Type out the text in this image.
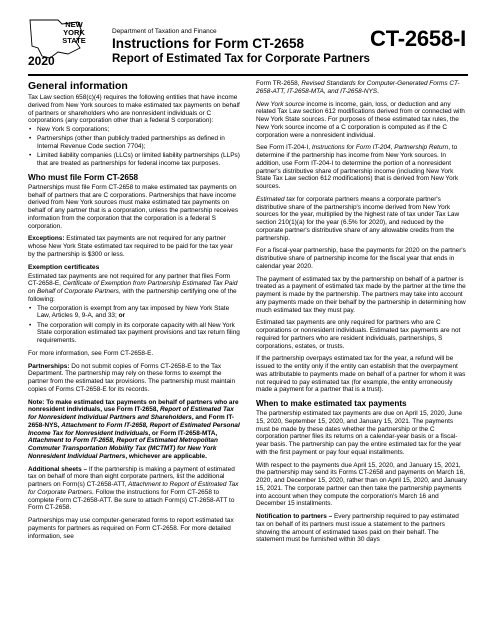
NEW
YORK
STATE
2020
Department of Taxation and Finance
Instructions for Form CT-2658
Report of Estimated Tax for Corporate Partners
CT-2658-I
General information

Tax Law section 658(c)(4) requires the following entities that have income derived from New York sources to make estimated tax payments on behalf of partners or shareholders who are nonresident individuals or C corporations (any corporation other than a federal S corporation):

• New York S corporations;
• Partnerships (other than publicly traded partnerships as defined in Internal Revenue Code section 7704);
• Limited liability companies (LLCs) or limited liability partnerships (LLPs) that are treated as partnerships for federal income tax purposes.
Who must file Form CT-2658

Partnerships must file Form CT-2658 to make estimated tax payments on behalf of partners that are C corporations. Partnerships that have income derived from New York sources must make estimated tax payments on behalf of any partner that is a corporation, unless the partnership receives information from the corporation that the corporation is a federal S corporation.

Exceptions: Estimated tax payments are not required for any partner whose New York State estimated tax required to be paid for the tax year by the partnership is $300 or less.

Exemption certificates

Estimated tax payments are not required for any partner that files Form CT-2658-E, Certificate of Exemption from Partnership Estimated Tax Paid on Behalf of Corporate Partners, with the partnership certifying one of the following:

• The corporation is exempt from any tax imposed by New York State Law, Articles 9, 9-A, and 33; or
• The corporation will comply in its corporate capacity with all New York State corporation estimated tax payment provisions and tax return filing requirements.

For more information, see Form CT-2658-E.

Partnerships: Do not submit copies of Forms CT-2658-E to the Tax Department. The partnership may rely on these forms to exempt the partner from the estimated tax provisions. The partnership must maintain copies of Forms CT-2658-E for its records.

Note: To make estimated tax payments on behalf of partners who are nonresident individuals, use Form IT-2658, Report of Estimated Tax for Nonresident Individual Partners and Shareholders, and Form IT-2658-NYS, Attachment to Form IT-2658, Report of Estimated Personal Income Tax for Nonresident Individuals, or Form IT-2658-MTA, Attachment to Form IT-2658, Report of Estimated Metropolitan Commuter Transportation Mobility Tax (MCTMT) for New York Nonresident Individual Partners, whichever are applicable.

Additional sheets – If the partnership is making a payment of estimated tax on behalf of more than eight corporate partners, list the additional partners on Form(s) CT-2658-ATT, Attachment to Report of Estimated Tax for Corporate Partners. Follow the instructions for Form CT-2658 to complete Form CT-2658-ATT. Be sure to attach Form(s) CT-2658-ATT to Form CT-2658.

Partnerships may use computer-generated forms to report estimated tax payments for partners as required on Form CT-2658. For more detailed information, see

Form TR-2658, Revised Standards for Computer-Generated Forms CT-2658-ATT, IT-2658-MTA, and IT-2658-NYS.

New York source income is income, gain, loss, or deduction and any related Tax Law section 612 modifications derived from or connected with New York State sources. For purposes of these estimated tax rules, the New York source income of a C corporation is computed as if the C corporation were a nonresident individual.

See Form IT-204-I, Instructions for Form IT-204, Partnership Return, to determine if the partnership has income from New York sources. In addition, use Form IT-204-I to determine the portion of a nonresident partner's distributive share of partnership income (including New York State Tax Law section 612 modifications) that is derived from New York sources.

Estimated tax for corporate partners means a corporate partner's distributive share of the partnership's income derived from New York sources for the year, multiplied by the highest rate of tax under Tax Law section 210(1)(a) for the year (6.5% for 2020), and reduced by the corporate partner's distributive share of any allowable credits from the partnership.

For a fiscal-year partnership, base the payments for 2020 on the partner's distributive share of partnership income for the fiscal year that ends in calendar year 2020.

The payment of estimated tax by the partnership on behalf of a partner is treated as a payment of estimated tax made by the partner at the time the payment is made by the partnership. The partners may take into account any payments made on their behalf by the partnership in determining how much estimated tax they must pay.

Estimated tax payments are only required for partners who are C corporations or nonresident individuals. Estimated tax payments are not required for partners who are resident individuals, partnerships, S corporations, estates, or trusts.

If the partnership overpays estimated tax for the year, a refund will be issued to the entity only if the entity can establish that the overpayment was attributable to payments made on behalf of a partner for whom it was not required to pay estimated tax (for example, the entity erroneously made a payment for a partner that is a trust).

When to make estimated tax payments

The partnership estimated tax payments are due on April 15, 2020, June 15, 2020, September 15, 2020, and January 15, 2021. The payments must be made by these dates whether the partnership or the C corporation partner files its returns on a calendar-year basis or a fiscal-year basis. The partnership can pay the entire estimated tax for the year with the first payment or pay four equal installments.

With respect to the payments due April 15, 2020, and January 15, 2021, the partnership may send its Forms CT-2658 and payments on March 16, 2020, and December 15, 2020, rather than on April 15, 2020, and January 15, 2021. The corporate partner can then take the partnership payments into account when they compute the corporation's March 16 and December 15 installments.

Notification to partners – Every partnership required to pay estimated tax on behalf of its partners must issue a statement to the partners showing the amount of estimated taxes paid on their behalf. The statement must be furnished within 30 days
